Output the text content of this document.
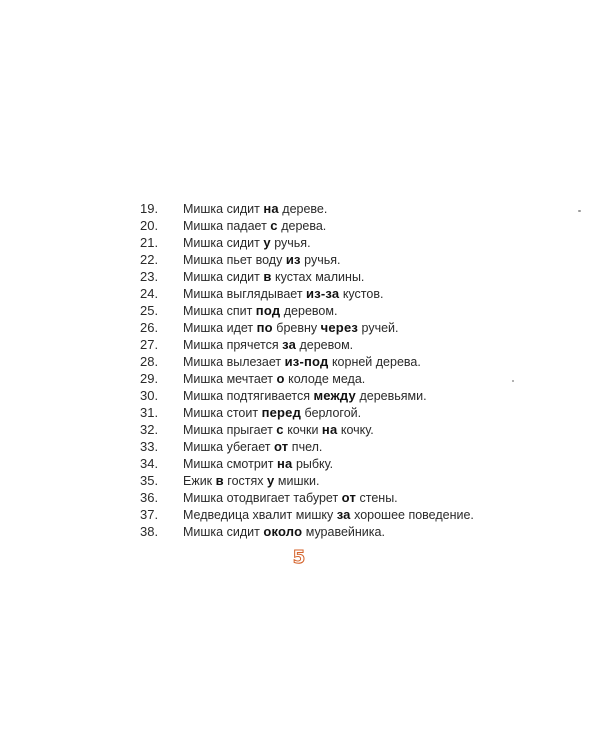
19.	Мишка сидит на дереве.
20.	Мишка падает с дерева.
21.	Мишка сидит у ручья.
22.	Мишка пьет воду из ручья.
23.	Мишка сидит в кустах малины.
24.	Мишка выглядывает из-за кустов.
25.	Мишка спит под деревом.
26.	Мишка идет по бревну через ручей.
27.	Мишка прячется за деревом.
28.	Мишка вылезает из-под корней дерева.
29.	Мишка мечтает о колоде меда.
30.	Мишка подтягивается между деревьями.
31.	Мишка стоит перед берлогой.
32.	Мишка прыгает с кочки на кочку.
33.	Мишка убегает от пчел.
34.	Мишка смотрит на рыбку.
35.	Ежик в гостях у мишки.
36.	Мишка отодвигает табурет от стены.
37.	Медведица хвалит мишку за хорошее поведение.
38.	Мишка сидит около муравейника.
5
